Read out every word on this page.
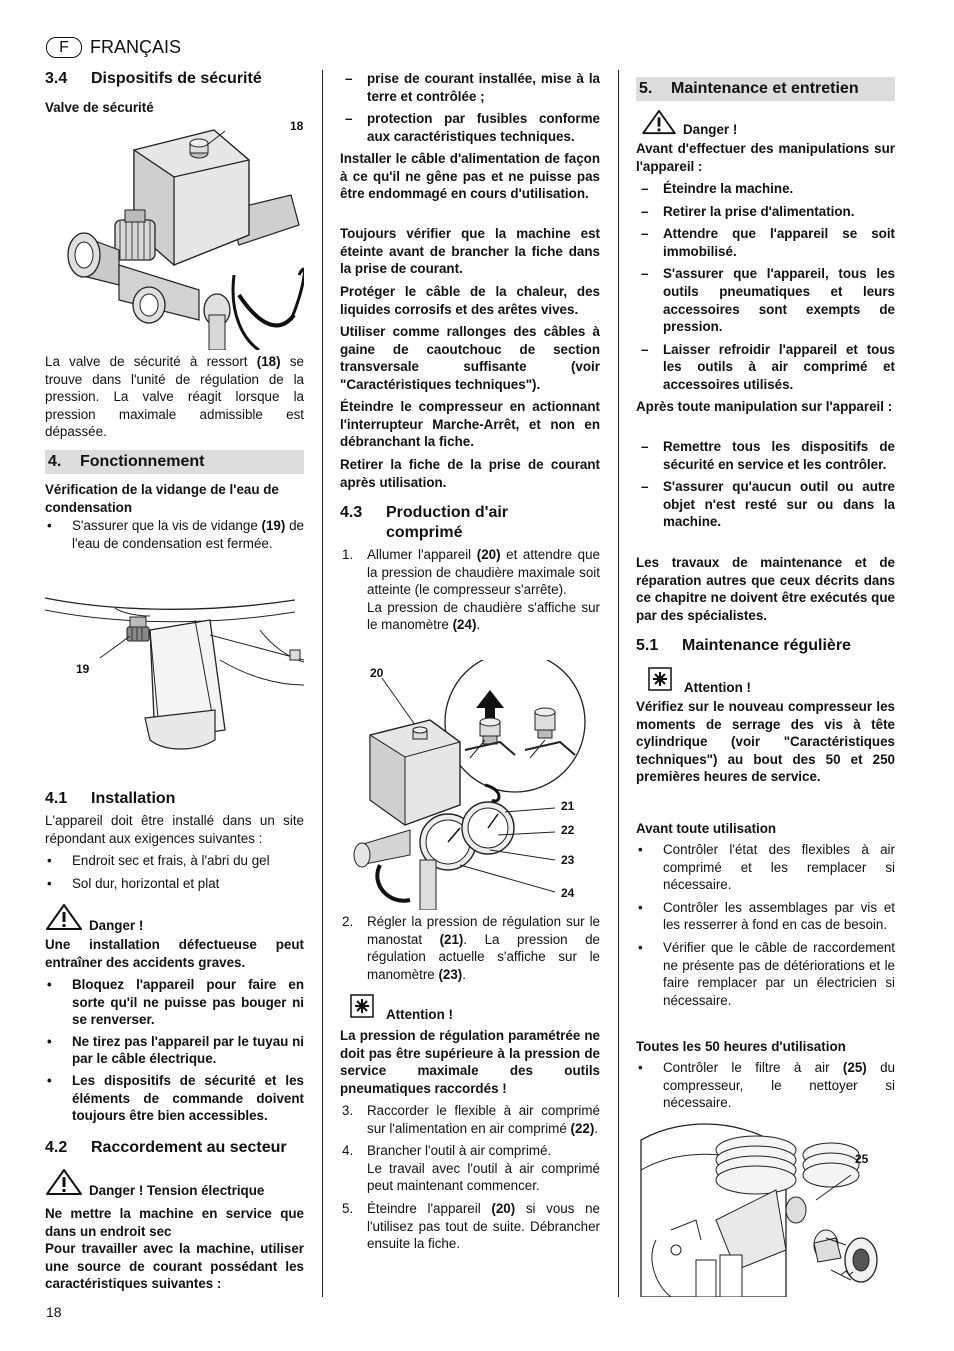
F	FRANÇAIS
3.4 Dispositifs de sécurité
Valve de sécurité
18

La valve de sécurité à ressort (18) se trouve dans l'unité de régulation de la pression. La valve réagit lorsque la pression maximale admissible est dépassée.

4. Fonctionnement
Vérification de la vidange de l'eau de condensation
• S'assurer que la vis de vidange (19) de l'eau de condensation est fermée.
19
4.1 Installation

L'appareil doit être installé dans un site répondant aux exigences suivantes :

• Endroit sec et frais, à l'abri du gel
• Sol dur, horizontal et plat
Danger !

Une installation défectueuse peut entraîner des accidents graves.

• Bloquez l'appareil pour faire en sorte qu'il ne puisse pas bouger ni se renverser.
• Ne tirez pas l'appareil par le tuyau ni par le câble électrique.
• Les dispositifs de sécurité et les éléments de commande doivent toujours être bien accessibles.
4.2 Raccordement au secteur
Danger ! Tension électrique

Ne mettre la machine en service que dans un endroit sec

Pour travailler avec la machine, utiliser une source de courant possédant les caractéristiques suivantes :

18
– prise de courant installée, mise à la terre et contrôlée ;
– protection par fusibles conforme aux caractéristiques techniques.

Installer le câble d'alimentation de façon à ce qu'il ne gêne pas et ne puisse pas être endommagé en cours d'utilisation.

Toujours vérifier que la machine est éteinte avant de brancher la fiche dans la prise de courant.

Protéger le câble de la chaleur, des liquides corrosifs et des arêtes vives.

Utiliser comme rallonges des câbles à gaine de caoutchouc de section transversale suffisante (voir "Caractéristiques techniques").

Éteindre le compresseur en actionnant l'interrupteur Marche-Arrêt, et non en débranchant la fiche.

Retirer la fiche de la prise de courant après utilisation.

4.3	Production d'air comprimé
1. Allumer l'appareil (20) et attendre que la pression de chaudière maximale soit atteinte (le compresseur s'arrête).
La pression de chaudière s'affiche sur le manomètre (24).
20
21
22
23
24
2. Régler la pression de régulation sur le manostat (21). La pression de régulation actuelle s'affiche sur le manomètre (23).
Attention !

La pression de régulation paramétrée ne doit pas être supérieure à la pression de service maximale des outils pneumatiques raccordés !

3. Raccorder le flexible à air comprimé sur l'alimentation en air comprimé (22).
4. Brancher l'outil à air comprimé.
Le travail avec l'outil à air comprimé peut maintenant commencer.
5. Éteindre l'appareil (20) si vous ne l'utilisez pas tout de suite. Débrancher ensuite la fiche.
5. Maintenance et entretien
Danger !

Avant d'effectuer des manipulations sur l'appareil :

– Éteindre la machine.
– Retirer la prise d'alimentation.
– Attendre que l'appareil se soit immobilisé.
– S'assurer que l'appareil, tous les outils pneumatiques et leurs accessoires sont exempts de pression.
– Laisser refroidir l'appareil et tous les outils à air comprimé et accessoires utilisés.

Après toute manipulation sur l'appareil :

– Remettre tous les dispositifs de sécurité en service et les contrôler.
– S'assurer qu'aucun outil ou autre objet n'est resté sur ou dans la machine.

Les travaux de maintenance et de réparation autres que ceux décrits dans ce chapitre ne doivent être exécutés que par des spécialistes.

5.1 Maintenance régulière
Attention !

Vérifiez sur le nouveau compresseur les moments de serrage des vis à tête cylindrique (voir "Caractéristiques techniques") au bout des 50 et 250 premières heures de service.

Avant toute utilisation
• Contrôler l'état des flexibles à air comprimé et les remplacer si nécessaire.
• Contrôler les assemblages par vis et les resserrer à fond en cas de besoin.
• Vérifier que le câble de raccordement ne présente pas de détériorations et le faire remplacer par un électricien si nécessaire.
Toutes les 50 heures d'utilisation
• Contrôler le filtre à air (25) du compresseur, le nettoyer si nécessaire.
25
